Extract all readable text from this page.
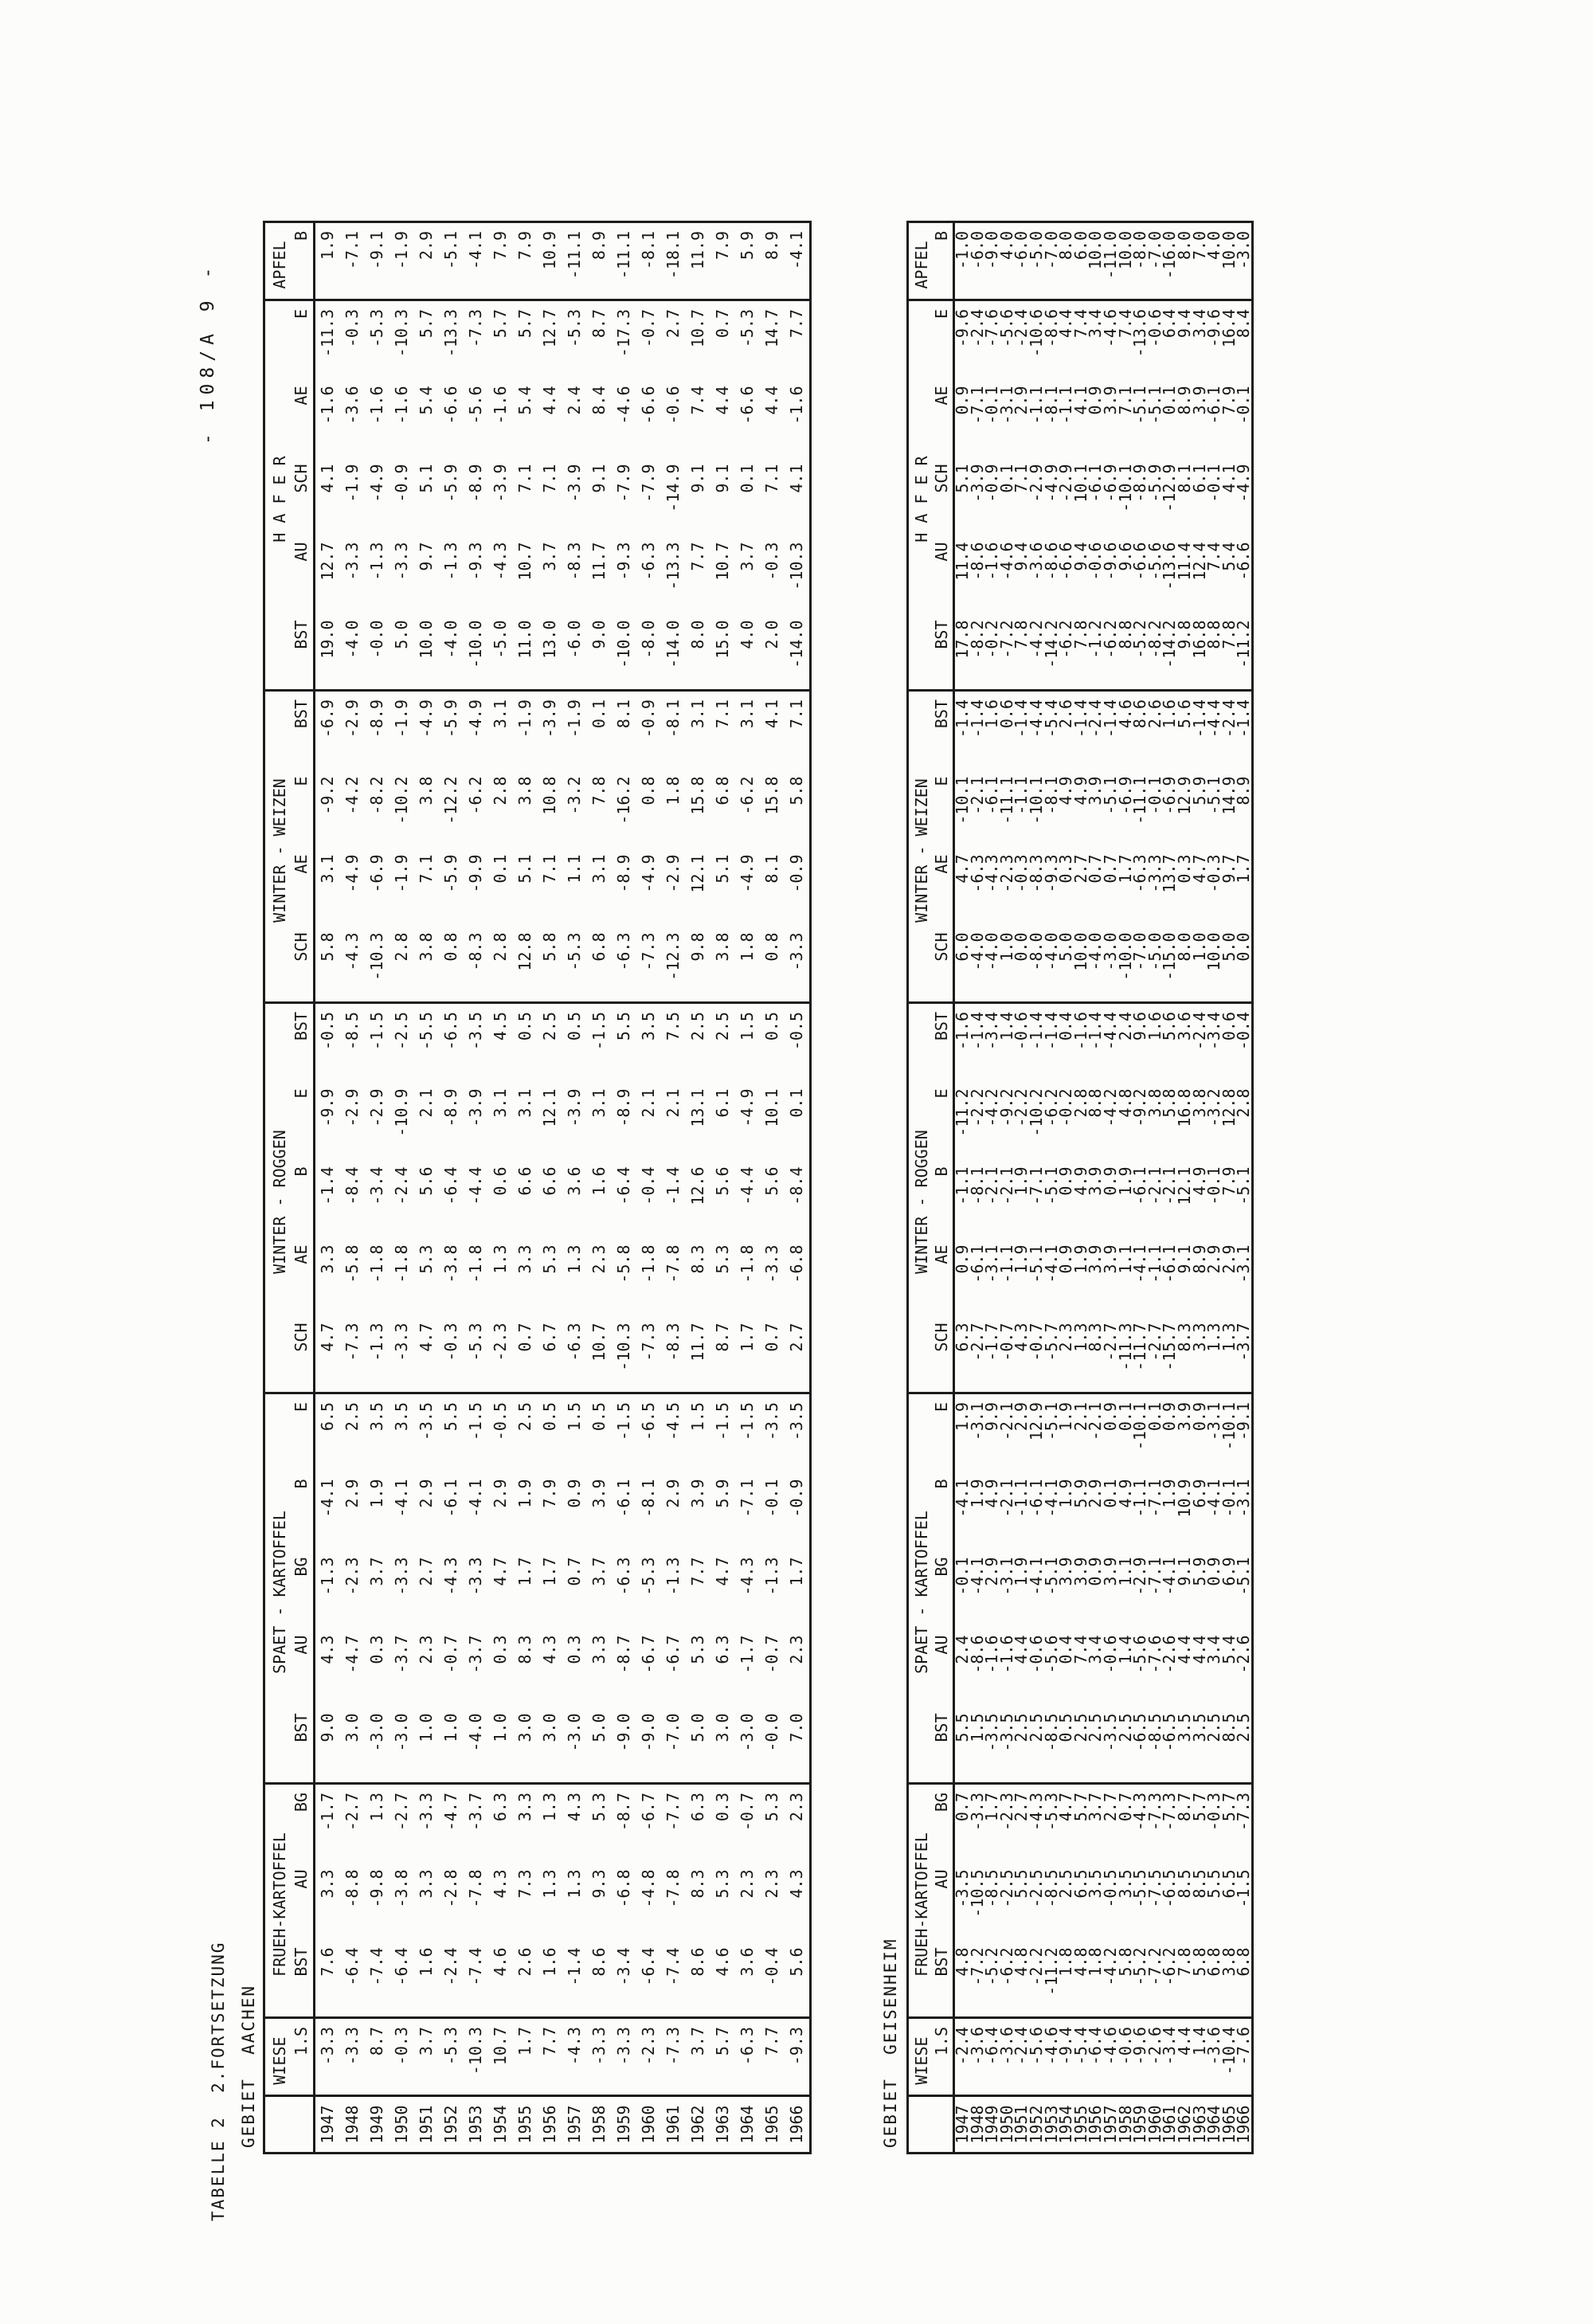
- 108/A 9 -
TABELLE 2  2.FORTSETZUNG GEBIET  AACHEN
	WIESE	FRUEH-KARTOFFEL			SPAET - KARTOFFEL					WINTER - ROGGEN					WINTER - WEIZEN				H A F E R					APFEL
	1.S	BST	AU	BG	BST	AU	BG	B	E	SCH	AE	B	E	BST	SCH	AE	E	BST	BST	AU	SCH	AE	E	B
1947	-3.3	7.6	3.3	-1.7	9.0	4.3	-1.3	-4.1	6.5	4.7	3.3	-1.4	-9.9	-0.5	5.8	3.1	-9.2	-6.9	19.0	12.7	4.1	-1.6	-11.3	1.9
1948	-3.3	-6.4	-8.8	-2.7	3.0	-4.7	-2.3	2.9	2.5	-7.3	-5.8	-8.4	-2.9	-8.5	-4.3	-4.9	-4.2	-2.9	-4.0	-3.3	-1.9	-3.6	-0.3	-7.1
1949	8.7	-7.4	-9.8	1.3	-3.0	0.3	3.7	1.9	3.5	-1.3	-1.8	-3.4	-2.9	-1.5	-10.3	-6.9	-8.2	-8.9	-0.0	-1.3	-4.9	-1.6	-5.3	-9.1
1950	-0.3	-6.4	-3.8	-2.7	-3.0	-3.7	-3.3	-4.1	3.5	-3.3	-1.8	-2.4	-10.9	-2.5	2.8	-1.9	-10.2	-1.9	5.0	-3.3	-0.9	-1.6	-10.3	-1.9
1951	3.7	1.6	3.3	-3.3	1.0	2.3	2.7	2.9	-3.5	4.7	5.3	5.6	2.1	-5.5	3.8	7.1	3.8	-4.9	10.0	9.7	5.1	5.4	5.7	2.9
1952	-5.3	-2.4	-2.8	-4.7	1.0	-0.7	-4.3	-6.1	5.5	-0.3	-3.8	-6.4	-8.9	-6.5	0.8	-5.9	-12.2	-5.9	-4.0	-1.3	-5.9	-6.6	-13.3	-5.1
1953	-10.3	-7.4	-7.8	-3.7	-4.0	-3.7	-3.3	-4.1	-1.5	-5.3	-1.8	-4.4	-3.9	-3.5	-8.3	-9.9	-6.2	-4.9	-10.0	-9.3	-8.9	-5.6	-7.3	-4.1
1954	10.7	4.6	4.3	6.3	1.0	0.3	4.7	2.9	-0.5	-2.3	1.3	0.6	3.1	4.5	2.8	0.1	2.8	3.1	-5.0	-4.3	-3.9	-1.6	5.7	7.9
1955	1.7	2.6	7.3	3.3	3.0	8.3	1.7	1.9	2.5	0.7	3.3	6.6	3.1	0.5	12.8	5.1	3.8	-1.9	11.0	10.7	7.1	5.4	5.7	7.9
1956	7.7	1.6	1.3	1.3	3.0	4.3	1.7	7.9	0.5	6.7	5.3	6.6	12.1	2.5	5.8	7.1	10.8	-3.9	13.0	3.7	7.1	4.4	12.7	10.9
1957	-4.3	-1.4	1.3	4.3	-3.0	0.3	0.7	0.9	1.5	-6.3	1.3	3.6	-3.9	0.5	-5.3	1.1	-3.2	-1.9	-6.0	-8.3	-3.9	2.4	-5.3	-11.1
1958	-3.3	8.6	9.3	5.3	5.0	3.3	3.7	3.9	0.5	10.7	2.3	1.6	3.1	-1.5	6.8	3.1	7.8	0.1	9.0	11.7	9.1	8.4	8.7	8.9
1959	-3.3	-3.4	-6.8	-8.7	-9.0	-8.7	-6.3	-6.1	-1.5	-10.3	-5.8	-6.4	-8.9	5.5	-6.3	-8.9	-16.2	8.1	-10.0	-9.3	-7.9	-4.6	-17.3	-11.1
1960	-2.3	-6.4	-4.8	-6.7	-9.0	-6.7	-5.3	-8.1	-6.5	-7.3	-1.8	-0.4	2.1	3.5	-7.3	-4.9	0.8	-0.9	-8.0	-6.3	-7.9	-6.6	-0.7	-8.1
1961	-7.3	-7.4	-7.8	-7.7	-7.0	-6.7	-1.3	2.9	-4.5	-8.3	-7.8	-1.4	2.1	7.5	-12.3	-2.9	1.8	-8.1	-14.0	-13.3	-14.9	-0.6	2.7	-18.1
1962	3.7	8.6	8.3	6.3	5.0	5.3	7.7	3.9	1.5	11.7	8.3	12.6	13.1	2.5	9.8	12.1	15.8	3.1	8.0	7.7	9.1	7.4	10.7	11.9
1963	5.7	4.6	5.3	0.3	3.0	6.3	4.7	5.9	-1.5	8.7	5.3	5.6	6.1	2.5	3.8	5.1	6.8	7.1	15.0	10.7	9.1	4.4	0.7	7.9
1964	-6.3	3.6	2.3	-0.7	-3.0	-1.7	-4.3	-7.1	-1.5	1.7	-1.8	-4.4	-4.9	1.5	1.8	-4.9	-6.2	3.1	4.0	3.7	0.1	-6.6	-5.3	5.9
1965	7.7	-0.4	2.3	5.3	-0.0	-0.7	-1.3	-0.1	-3.5	0.7	-3.3	5.6	10.1	0.5	0.8	8.1	15.8	4.1	2.0	-0.3	7.1	4.4	14.7	8.9
1966	-9.3	5.6	4.3	2.3	7.0	2.3	1.7	-0.9	-3.5	2.7	-6.8	-8.4	0.1	-0.5	-3.3	-0.9	5.8	7.1	-14.0	-10.3	4.1	-1.6	7.7	-4.1
GEBIET  GEISENHEIM
	WIESE	FRUEH-KARTOFFEL			SPAET - KARTOFFEL					WINTER - ROGGEN					WINTER - WEIZEN				H A F E R					APFEL
	1.S	BST	AU	BG	BST	AU	BG	B	E	SCH	AE	B	E	BST	SCH	AE	E	BST	BST	AU	SCH	AE	E	B
1947	-2.4	4.8	-3.5	0.7	5.5	2.4	-0.1	-4.1	1.9	6.3	0.9	-1.1	-11.2	-1.6	6.0	4.7	-10.1	-1.4	17.8	11.4	5.1	0.9	-9.6	-1.0
1948	-3.6	-7.2	-10.5	-3.3	1.5	-8.6	-4.1	1.9	-3.1	-2.7	-6.1	-8.1	-2.2	-1.4	-4.0	-6.3	-2.1	-1.4	-8.2	-8.6	-3.9	-7.1	-2.4	-6.0
1949	-6.4	-5.2	-8.5	1.7	-3.5	-1.6	2.9	4.9	9.9	-1.7	-3.1	-2.1	-4.2	-3.4	-4.0	-4.3	-6.1	1.6	-0.2	-1.6	-0.9	-0.1	-7.6	-9.0
1950	-3.6	-6.2	-2.5	-2.3	-3.5	-1.6	-3.1	-2.1	-2.1	-0.7	-1.1	-2.1	-9.2	1.4	1.0	-2.3	-11.1	0.6	-7.2	-4.6	0.1	-3.1	-5.6	4.0
1951	-2.4	4.8	5.5	2.7	2.5	4.4	1.9	-1.1	2.9	4.3	1.9	1.9	-2.2	-0.6	0.0	-0.3	-1.1	-1.4	7.8	9.4	7.1	2.9	-2.4	-6.0
1952	-5.6	-2.2	-2.5	-4.3	2.5	-0.6	-4.1	-6.1	12.9	-0.7	-5.1	-7.1	-10.2	-1.4	-8.0	-8.3	-10.1	-4.4	-4.2	-3.6	-2.9	-1.1	-10.6	-5.0
1953	-4.6	-11.2	-8.5	-5.3	-8.5	-5.6	-5.1	-4.1	-5.1	-5.7	-4.1	-5.1	-6.2	-1.4	-4.0	-9.3	-8.1	-5.4	-14.2	-8.6	-4.9	-8.1	-8.6	-7.0
1954	-9.4	1.8	2.5	4.7	0.5	0.4	3.9	1.9	1.9	2.3	0.9	0.9	-0.2	0.4	5.0	0.3	4.9	2.6	-6.2	-6.6	-2.9	-1.1	4.4	8.0
1955	-5.4	4.8	6.5	5.7	2.5	7.4	3.9	5.9	2.1	1.3	1.9	4.9	2.8	-1.6	10.0	2.7	4.9	-1.4	7.8	9.4	10.1	4.1	7.4	6.0
1956	-6.4	1.8	3.5	3.7	2.5	3.4	0.9	2.9	-2.1	8.3	3.9	3.9	8.8	-1.4	-4.0	0.7	3.9	-2.4	-1.2	-0.6	-6.1	0.9	3.4	10.0
1957	-4.6	-4.2	-0.5	2.7	-3.5	-0.6	3.9	0.1	0.9	-2.7	3.9	0.9	-4.2	-4.4	-3.0	0.7	-5.1	-1.4	-6.2	-9.6	-6.9	3.9	-4.6	-11.0
1958	-0.6	5.8	3.5	0.7	2.5	1.4	1.1	4.9	0.1	-11.3	1.1	1.9	4.8	2.4	-10.0	1.7	-6.9	4.6	8.8	9.6	-10.1	7.1	7.4	10.0
1959	-9.6	-5.2	-5.5	-4.3	-6.5	-5.6	-2.9	-1.1	-10.1	-11.7	-4.1	-6.1	-9.2	9.6	-7.0	-6.3	-11.1	8.6	-5.2	-6.6	-8.9	-5.1	-13.6	-8.0
1960	-2.6	-7.2	-7.5	-7.3	-8.5	-7.6	-7.1	-7.1	0.1	-2.7	-1.1	-2.1	3.8	1.6	-5.0	-3.3	-0.1	2.6	-8.2	-5.6	-5.9	-5.1	-0.6	-7.0
1961	-3.4	-6.2	-6.5	-7.3	-6.5	-2.6	-4.1	1.9	0.9	-15.7	-6.1	-2.1	5.8	5.6	-15.0	13.7	-6.9	1.6	-14.2	-13.6	-12.9	0.1	6.4	-16.0
1962	4.4	7.8	8.5	8.7	3.5	4.4	9.1	10.9	3.9	8.3	9.1	12.1	16.8	3.6	8.0	0.3	12.9	5.6	9.8	11.4	8.1	8.9	9.4	8.0
1963	1.4	5.8	8.5	5.7	3.5	4.4	5.9	6.9	0.9	3.3	8.9	4.9	3.8	-2.4	1.0	4.7	5.9	-1.4	16.8	12.4	6.1	3.9	3.4	7.0
1964	-3.6	6.8	5.5	-0.3	2.5	3.4	0.9	-4.1	-3.1	1.3	2.9	-0.1	-3.2	-3.4	10.0	-0.3	-5.1	-4.4	8.8	7.4	-0.1	-6.1	-9.6	4.0
1965	-10.4	3.8	6.5	5.7	8.5	5.4	6.9	-0.1	-10.1	1.3	2.9	7.9	12.8	0.6	5.0	9.7	14.9	-2.4	7.8	5.4	4.1	7.9	16.4	10.0
1966	-7.6	6.8	-1.5	-7.3	2.5	-2.6	-5.1	-3.1	-9.1	-3.7	-3.1	-5.1	2.8	-0.4	0.0	1.7	8.9	-1.4	-11.2	-6.6	-4.9	-0.1	8.4	-3.0
